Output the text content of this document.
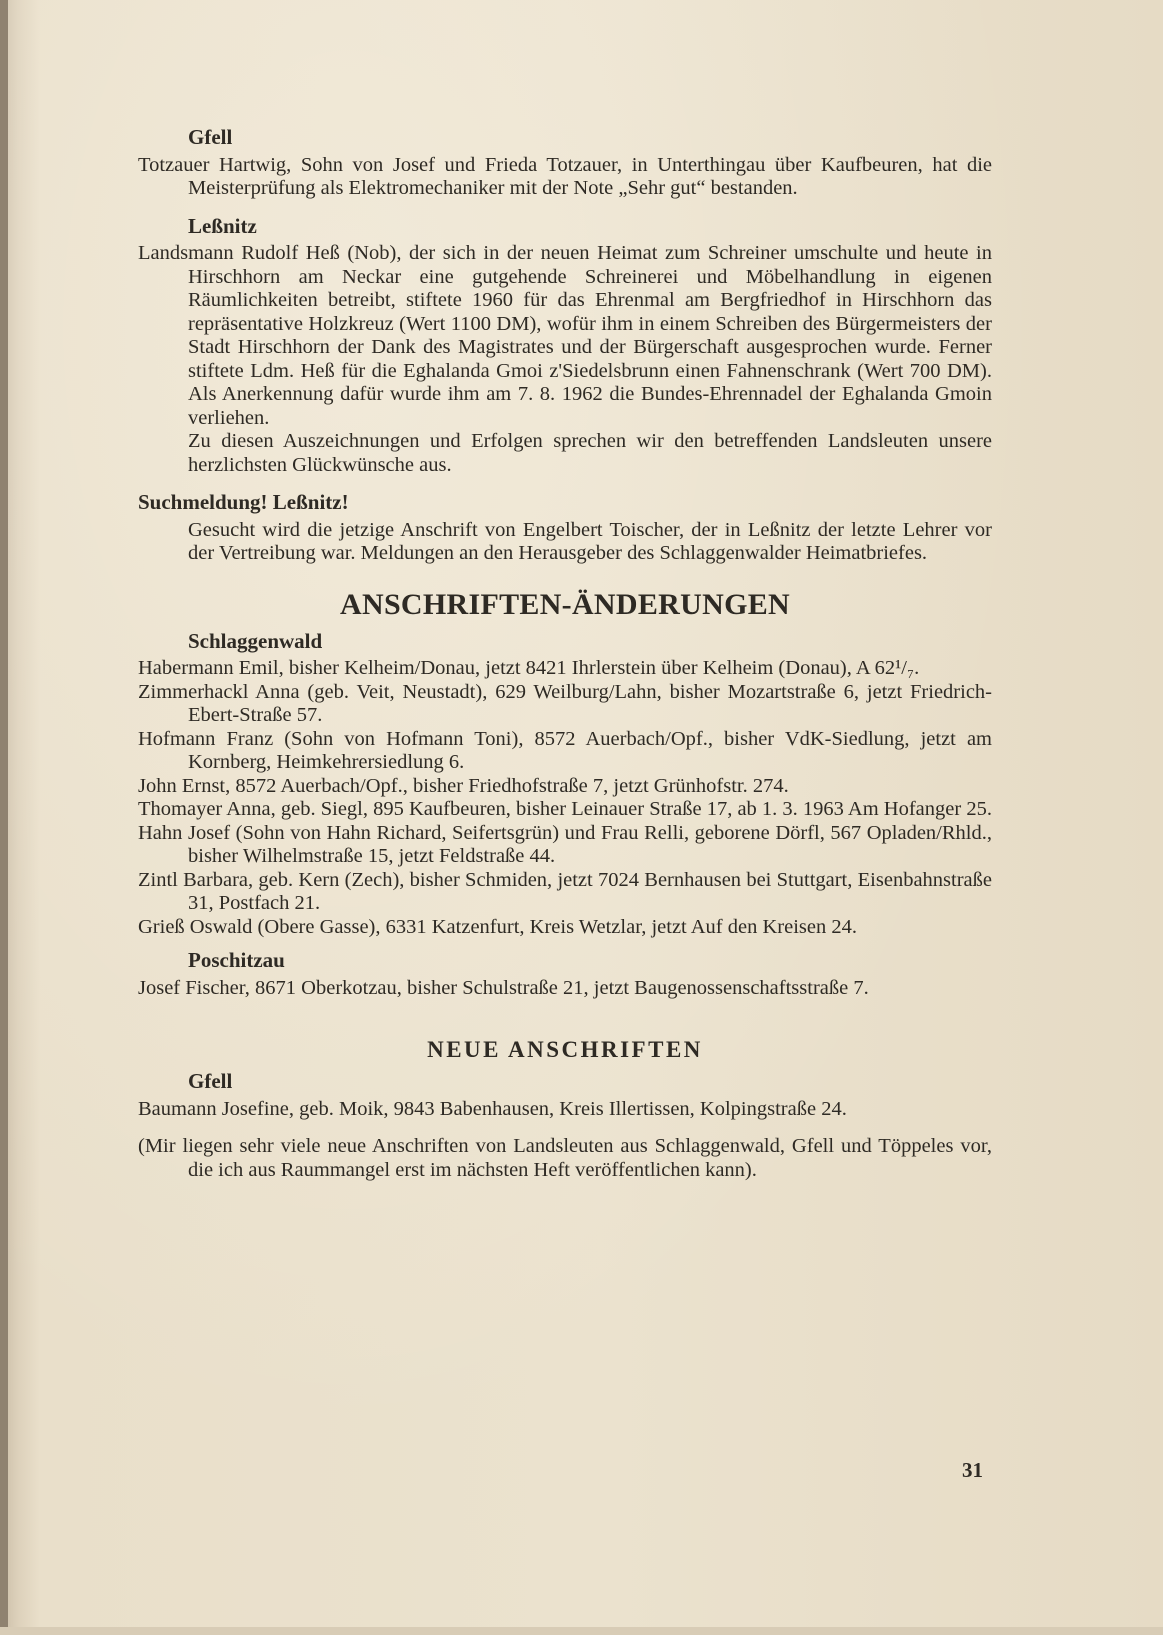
Gfell

Totzauer Hartwig, Sohn von Josef und Frieda Totzauer, in Unterthingau über Kaufbeuren, hat die Meisterprüfung als Elektromechaniker mit der Note „Sehr gut“ bestanden.

Leßnitz

Landsmann Rudolf Heß (Nob), der sich in der neuen Heimat zum Schreiner umschulte und heute in Hirschhorn am Neckar eine gutgehende Schreinerei und Möbelhandlung in eigenen Räumlichkeiten betreibt, stiftete 1960 für das Ehrenmal am Bergfriedhof in Hirschhorn das repräsentative Holzkreuz (Wert 1100 DM), wofür ihm in einem Schreiben des Bürgermeisters der Stadt Hirschhorn der Dank des Magistrates und der Bürgerschaft ausgesprochen wurde. Ferner stiftete Ldm. Heß für die Eghalanda Gmoi z'Siedelsbrunn einen Fahnenschrank (Wert 700 DM). Als Anerkennung dafür wurde ihm am 7. 8. 1962 die Bundes-Ehrennadel der Eghalanda Gmoin verliehen.

Zu diesen Auszeichnungen und Erfolgen sprechen wir den betreffenden Landsleuten unsere herzlichsten Glückwünsche aus.

Suchmeldung! Leßnitz!

Gesucht wird die jetzige Anschrift von Engelbert Toischer, der in Leßnitz der letzte Lehrer vor der Vertreibung war. Meldungen an den Herausgeber des Schlaggenwalder Heimatbriefes.

ANSCHRIFTEN-ÄNDERUNGEN
Schlaggenwald

Habermann Emil, bisher Kelheim/Donau, jetzt 8421 Ihrlerstein über Kelheim (Donau), A 62¹/₇.

Zimmerhackl Anna (geb. Veit, Neustadt), 629 Weilburg/Lahn, bisher Mozartstraße 6, jetzt Friedrich-Ebert-Straße 57.

Hofmann Franz (Sohn von Hofmann Toni), 8572 Auerbach/Opf., bisher VdK-Siedlung, jetzt am Kornberg, Heimkehrersiedlung 6.

John Ernst, 8572 Auerbach/Opf., bisher Friedhofstraße 7, jetzt Grünhofstr. 274.

Thomayer Anna, geb. Siegl, 895 Kaufbeuren, bisher Leinauer Straße 17, ab 1. 3. 1963 Am Hofanger 25.

Hahn Josef (Sohn von Hahn Richard, Seifertsgrün) und Frau Relli, geborene Dörfl, 567 Opladen/Rhld., bisher Wilhelmstraße 15, jetzt Feldstraße 44.

Zintl Barbara, geb. Kern (Zech), bisher Schmiden, jetzt 7024 Bernhausen bei Stuttgart, Eisenbahnstraße 31, Postfach 21.

Grieß Oswald (Obere Gasse), 6331 Katzenfurt, Kreis Wetzlar, jetzt Auf den Kreisen 24.

Poschitzau

Josef Fischer, 8671 Oberkotzau, bisher Schulstraße 21, jetzt Baugenossenschaftsstraße 7.

NEUE ANSCHRIFTEN
Gfell

Baumann Josefine, geb. Moik, 9843 Babenhausen, Kreis Illertissen, Kolpingstraße 24.

(Mir liegen sehr viele neue Anschriften von Landsleuten aus Schlaggenwald, Gfell und Töppeles vor, die ich aus Raummangel erst im nächsten Heft veröffentlichen kann).

31
